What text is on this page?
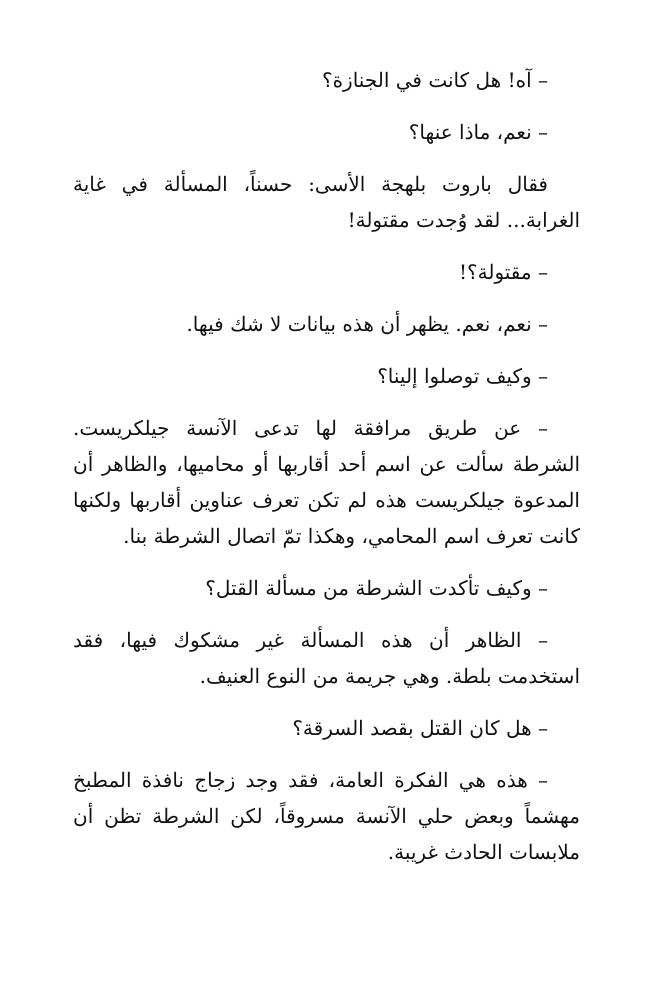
– آه! هل كانت في الجنازة؟

– نعم، ماذا عنها؟

فقال باروت بلهجة الأسى: حسناً، المسألة في غاية الغرابة... لقد وُجدت مقتولة!

– مقتولة؟!

– نعم، نعم. يظهر أن هذه بيانات لا شك فيها.

– وكيف توصلوا إلينا؟

– عن طريق مرافقة لها تدعى الآنسة جيلكريست. الشرطة سألت عن اسم أحد أقاربها أو محاميها، والظاهر أن المدعوة جيلكريست هذه لم تكن تعرف عناوين أقاربها ولكنها كانت تعرف اسم المحامي، وهكذا تمّ اتصال الشرطة بنا.

– وكيف تأكدت الشرطة من مسألة القتل؟

– الظاهر أن هذه المسألة غير مشكوك فيها، فقد استخدمت بلطة. وهي جريمة من النوع العنيف.

– هل كان القتل بقصد السرقة؟

– هذه هي الفكرة العامة، فقد وجد زجاج نافذة المطبخ مهشماً وبعض حلي الآنسة مسروقاً، لكن الشرطة تظن أن ملابسات الحادث غريبة.
